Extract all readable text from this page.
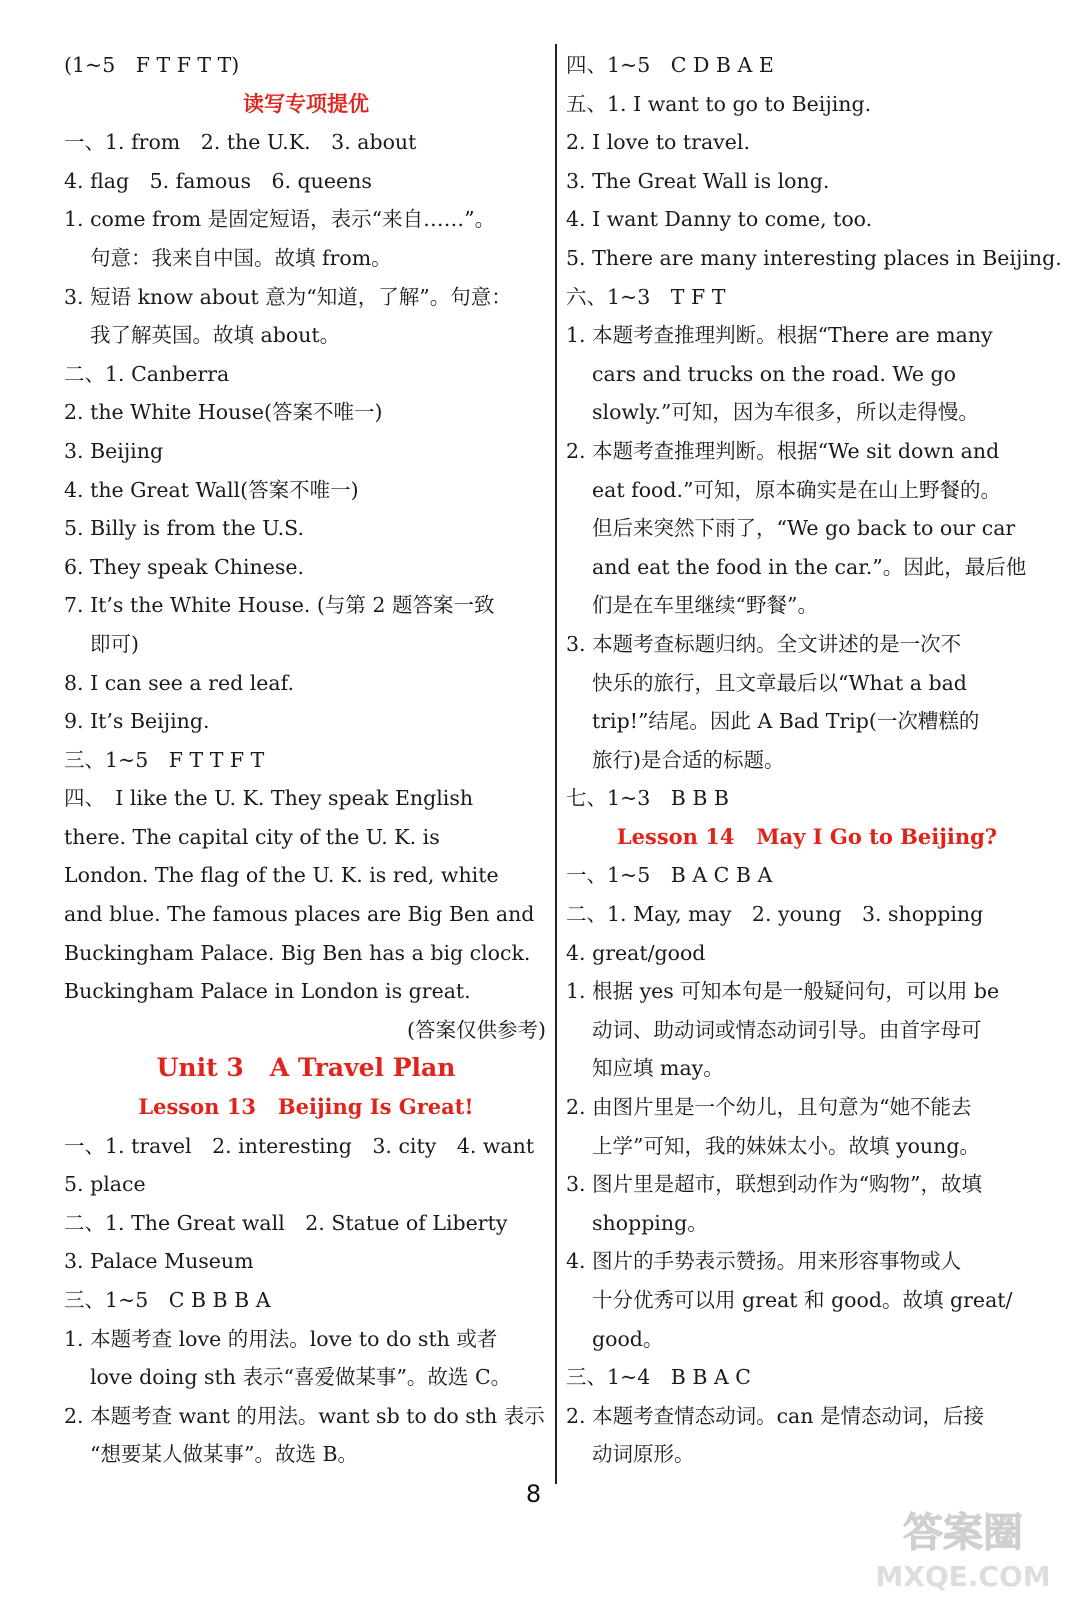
(1~5　F T F T T)
读写专项提优
一、1. from　2. the U.K.　3. about
4. flag　5. famous　6. queens
1. come from 是固定短语，表示“来自……”。
句意：我来自中国。故填 from。
3. 短语 know about 意为“知道，了解”。句意：
我了解英国。故填 about。
二、1. Canberra
2. the White House(答案不唯一)
3. Beijing
4. the Great Wall(答案不唯一)
5. Billy is from the U.S.
6. They speak Chinese.
7. It’s the White House. (与第 2 题答案一致
即可)
8. I can see a red leaf.
9. It’s Beijing.
三、1~5　F T T F T
四、　I like the U. K. They speak English
there. The capital city of the U. K. is
London. The flag of the U. K. is red, white
and blue. The famous places are Big Ben and
Buckingham Palace. Big Ben has a big clock.
Buckingham Palace in London is great.
(答案仅供参考)
Unit 3 A Travel Plan
Lesson 13 Beijing Is Great!
一、1. travel　2. interesting　3. city　4. want
5. place
二、1. The Great wall　2. Statue of Liberty
3. Palace Museum
三、1~5　C B B B A
1. 本题考查 love 的用法。love to do sth 或者
love doing sth 表示“喜爱做某事”。故选 C。
2. 本题考查 want 的用法。want sb to do sth 表示
“想要某人做某事”。故选 B。
四、1~5　C D B A E
五、1. I want to go to Beijing.
2. I love to travel.
3. The Great Wall is long.
4. I want Danny to come, too.
5. There are many interesting places in Beijing.
六、1~3　T F T
1. 本题考查推理判断。根据“There are many
cars and trucks on the road. We go
slowly.”可知，因为车很多，所以走得慢。
2. 本题考查推理判断。根据“We sit down and
eat food.”可知，原本确实是在山上野餐的。
但后来突然下雨了，“We go back to our car
and eat the food in the car.”。因此，最后他
们是在车里继续“野餐”。
3. 本题考查标题归纳。全文讲述的是一次不
快乐的旅行，且文章最后以“What a bad
trip!”结尾。因此 A Bad Trip(一次糟糕的
旅行)是合适的标题。
七、1~3　B B B
Lesson 14 May I Go to Beijing?
一、1~5　B A C B A
二、1. May, may　2. young　3. shopping
4. great/good
1. 根据 yes 可知本句是一般疑问句，可以用 be
动词、助动词或情态动词引导。由首字母可
知应填 may。
2. 由图片里是一个幼儿，且句意为“她不能去
上学”可知，我的妹妹太小。故填 young。
3. 图片里是超市，联想到动作为“购物”，故填
shopping。
4. 图片的手势表示赞扬。用来形容事物或人
十分优秀可以用 great 和 good。故填 great/
good。
三、1~4　B B A C
2. 本题考查情态动词。can 是情态动词，后接
动词原形。
8
答案圈
MXQE.COM
